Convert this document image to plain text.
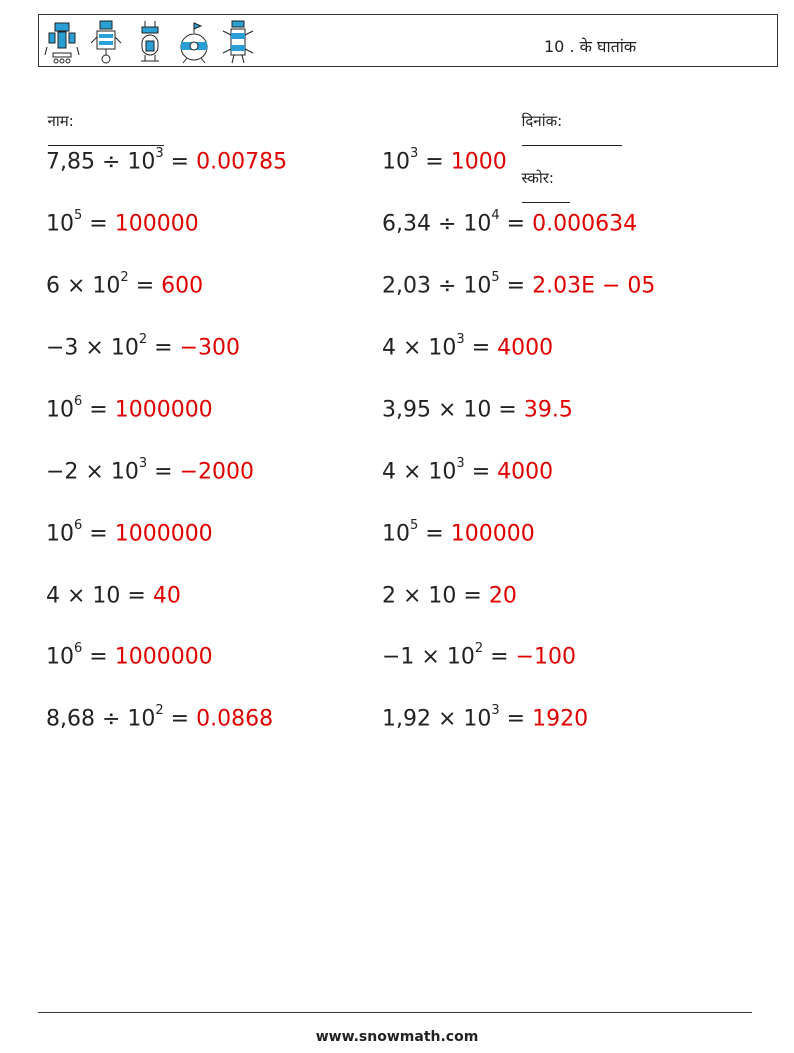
10 . के घातांक

नाम:
	दिनांक:

स्कोर:

$7,85 \div 10^3 = 0.00785$	$10^3 = 1000$
$10^5 = 100000$	$6,34 \div 10^4 = 0.000634$
$6 \times 10^2 = 600$	$2,03 \div 10^5 = 2.03E - 05$
$-3 \times 10^2 = -300$	$4 \times 10^3 = 4000$
$10^6 = 1000000$	3,95 × 10 = 39.5
$-2 \times 10^3 = -2000$	$4 \times 10^3 = 4000$
$10^6 = 1000000$	$10^5 = 100000$
4 × 10 = 40	2 × 10 = 20
$10^6 = 1000000$	$-1 \times 10^2 = -100$
$8,68 \div 10^2 = 0.0868$	$1,92 \times 10^3 = 1920$
www.snowmath.com
